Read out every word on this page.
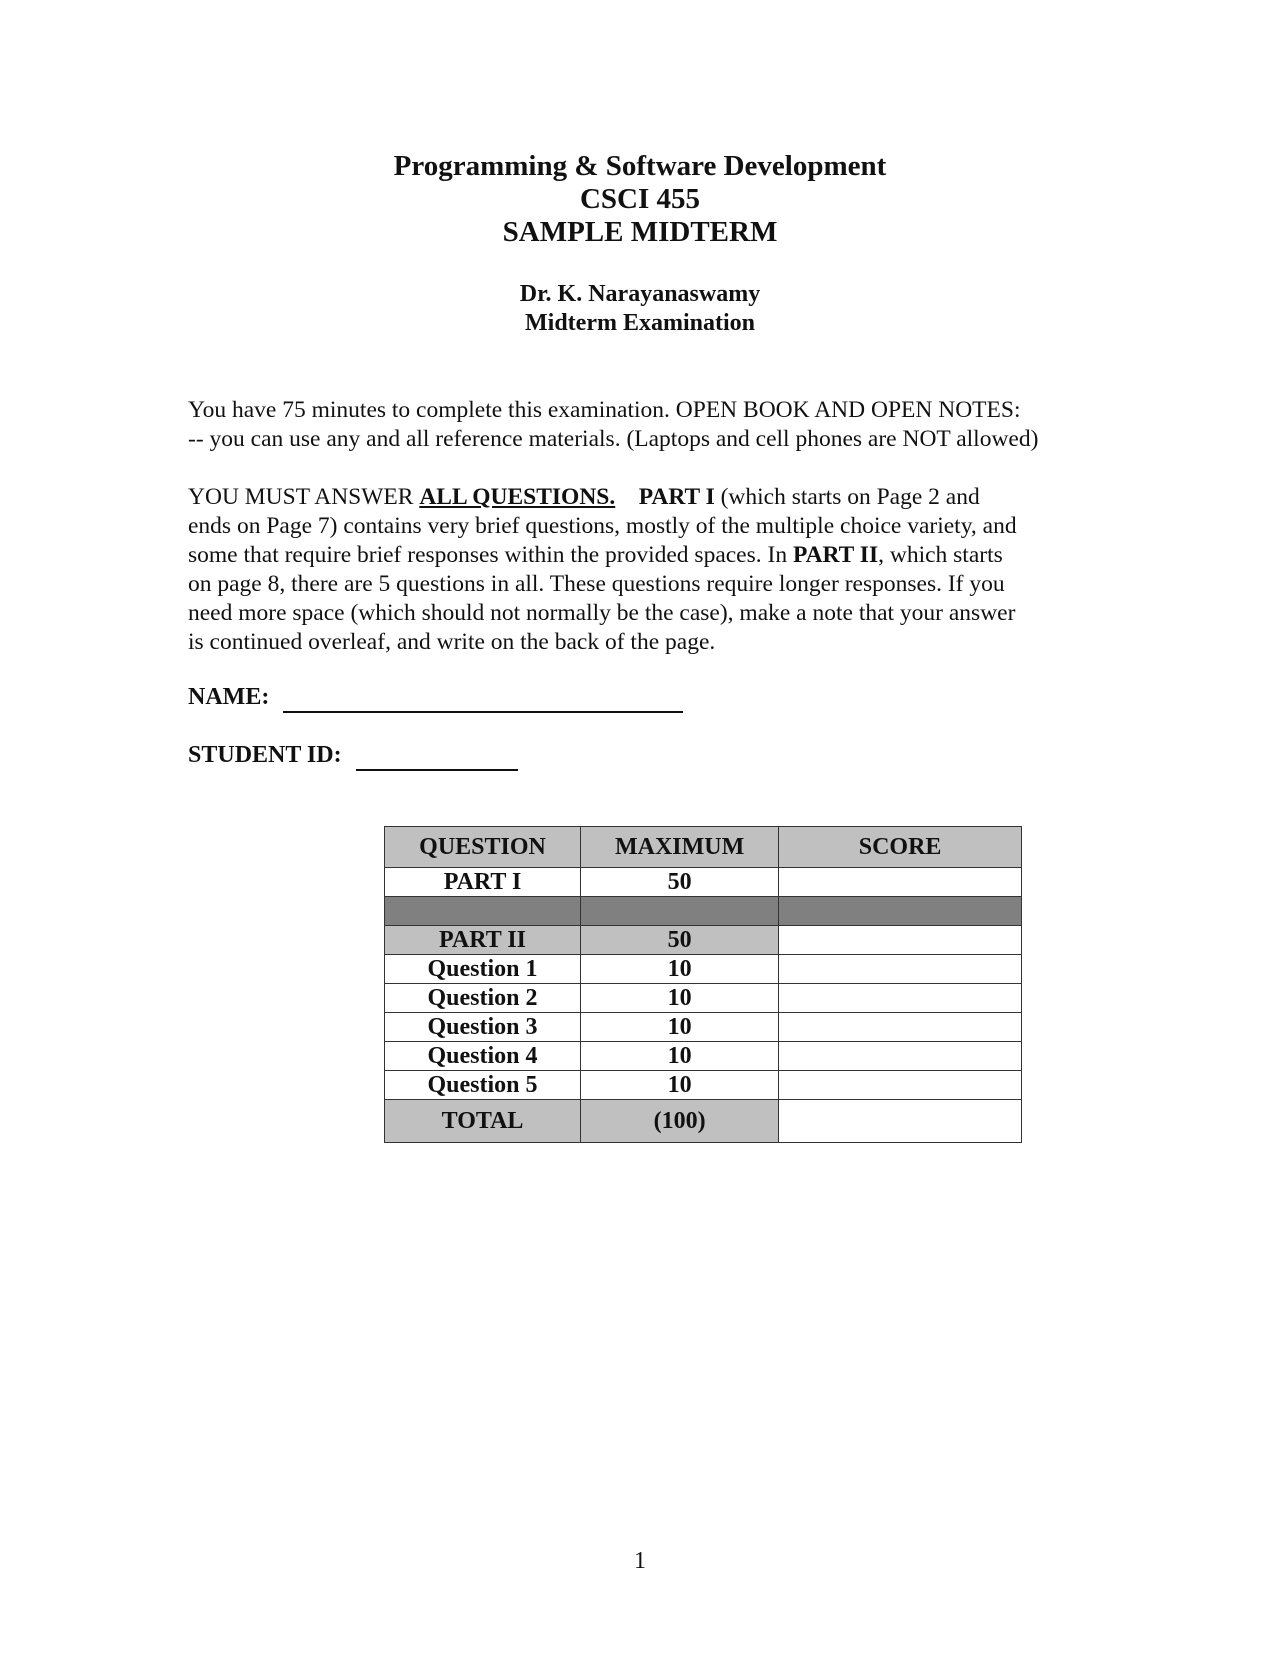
Programming & Software Development
CSCI 455
SAMPLE MIDTERM
Dr. K. Narayanaswamy
Midterm Examination
You have 75 minutes to complete this examination. OPEN BOOK AND OPEN NOTES:
-- you can use any and all reference materials. (Laptops and cell phones are NOT allowed)
YOU MUST ANSWER ALL QUESTIONS. PART I (which starts on Page 2 and
ends on Page 7) contains very brief questions, mostly of the multiple choice variety, and
some that require brief responses within the provided spaces. In PART II, which starts
on page 8, there are 5 questions in all. These questions require longer responses. If you
need more space (which should not normally be the case), make a note that your answer
is continued overleaf, and write on the back of the page.
NAME:
STUDENT ID:
QUESTION	MAXIMUM	SCORE
PART I	50	

PART II	50	
Question 1	10	
Question 2	10	
Question 3	10	
Question 4	10	
Question 5	10	
TOTAL	(100)	
1
